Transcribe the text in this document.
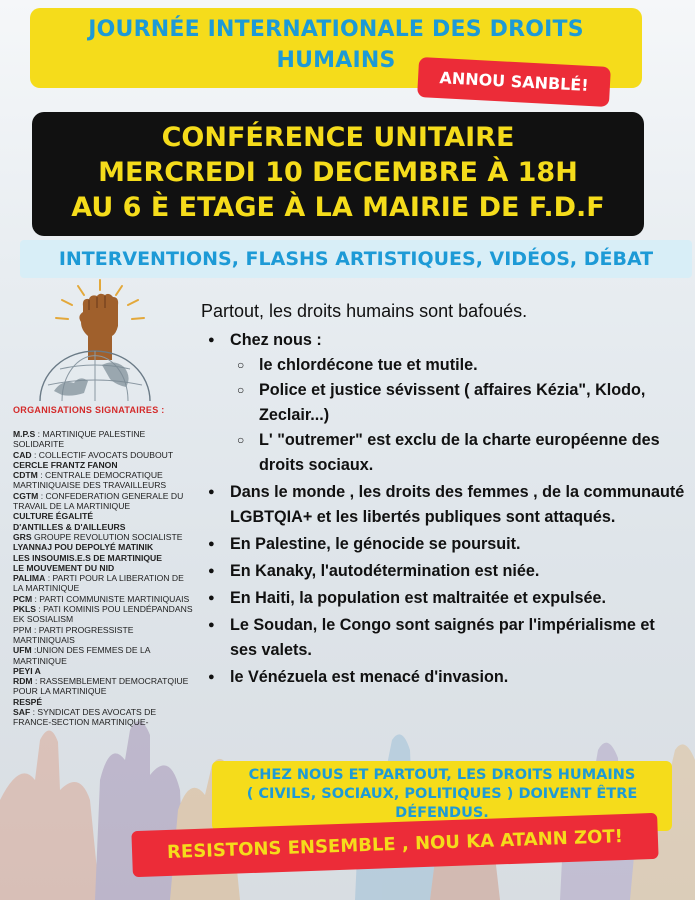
JOURNÉE INTERNATIONALE DES DROITS
HUMAINS
ANNOU SANBLÉ!
CONFÉRENCE UNITAIRE
MERCREDI 10 DECEMBRE À 18H
AU 6 È ETAGE À LA MAIRIE DE F.D.F
INTERVENTIONS, FLASHS ARTISTIQUES, VIDÉOS, DÉBAT
ORGANISATIONS SIGNATAIRES :
M.P.S : MARTINIQUE PALESTINE SOLIDARITE
CAD : COLLECTIF AVOCATS DOUBOUT
CERCLE FRANTZ FANON
CDTM : CENTRALE DEMOCRATIQUE MARTINIQUAISE DES TRAVAILLEURS
CGTM : CONFEDERATION GENERALE DU TRAVAIL DE LA MARTINIQUE
CULTURE ÉGALITÉ
D'ANTILLES & D'AILLEURS
GRS GROUPE REVOLUTION SOCIALISTE
LYANNAJ POU DEPOLYÉ MATINIK
LES INSOUMIS.E.S DE MARTINIQUE
LE MOUVEMENT DU NID
PALIMA : PARTI POUR LA LIBERATION DE LA MARTINIQUE
PCM : PARTI COMMUNISTE MARTINIQUAIS
PKLS : PATI KOMINIS POU LENDÉPANDANS EK SOSIALISM
PPM : PARTI PROGRESSISTE MARTINIQUAIS
UFM :UNION DES FEMMES DE LA MARTINIQUE
PEYI A
RDM : RASSEMBLEMENT DEMOCRATQIUE POUR LA MARTINIQUE
RESPÉ
SAF : SYNDICAT DES AVOCATS DE FRANCE-SECTION MARTINIQUE-
Partout, les droits humains sont bafoués.
● Chez nous :
○ le chlordécone tue et mutile.
○ Police et justice sévissent ( affaires Kézia", Klodo, Zeclair...)
○ L' "outremer" est exclu de la charte européenne des droits sociaux.
● Dans le monde , les droits des femmes , de la communauté LGBTQIA+ et les libertés publiques sont attaqués.
● En Palestine, le génocide se poursuit.
● En Kanaky, l'autodétermination est niée.
● En Haiti, la population est maltraitée et expulsée.
● Le Soudan, le Congo sont saignés par l'impérialisme et ses valets.
● le Vénézuela est menacé d'invasion.
CHEZ NOUS ET PARTOUT, LES DROITS HUMAINS
( CIVILS, SOCIAUX, POLITIQUES ) DOIVENT ÊTRE
DÉFENDUS.
RESISTONS ENSEMBLE , NOU KA ATANN ZOT!
